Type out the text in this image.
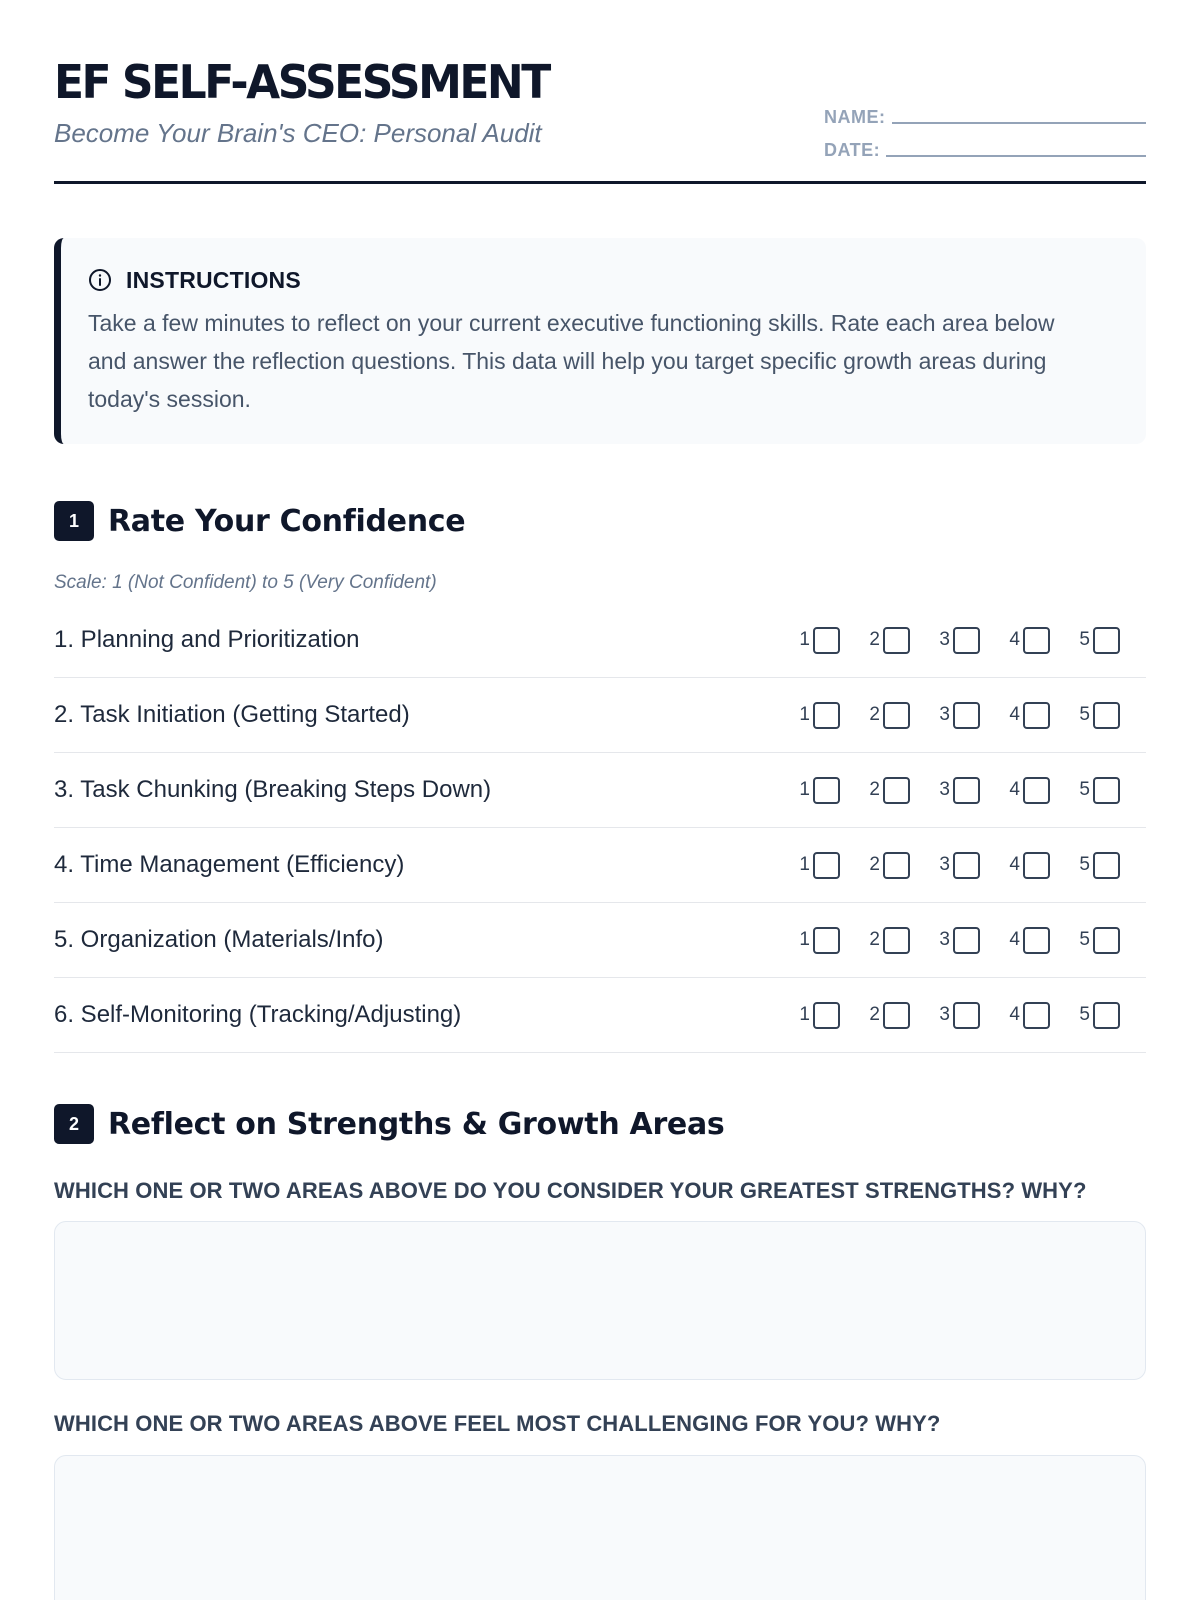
EF SELF-ASSESSMENT
Become Your Brain's CEO: Personal Audit
NAME:
DATE:
INSTRUCTIONS

Take a few minutes to reflect on your current executive functioning skills. Rate each area below and answer the reflection questions. This data will help you target specific growth areas during today's session.

1 Rate Your Confidence
Scale: 1 (Not Confident) to 5 (Very Confident)
1. Planning and Prioritization	1	2	3	4	5
2. Task Initiation (Getting Started)	1	2	3	4	5
3. Task Chunking (Breaking Steps Down)	1	2	3	4	5
4. Time Management (Efficiency)	1	2	3	4	5
5. Organization (Materials/Info)	1	2	3	4	5
6. Self-Monitoring (Tracking/Adjusting)	1	2	3	4	5
2 Reflect on Strengths & Growth Areas
WHICH ONE OR TWO AREAS ABOVE DO YOU CONSIDER YOUR GREATEST STRENGTHS? WHY?
WHICH ONE OR TWO AREAS ABOVE FEEL MOST CHALLENGING FOR YOU? WHY?
